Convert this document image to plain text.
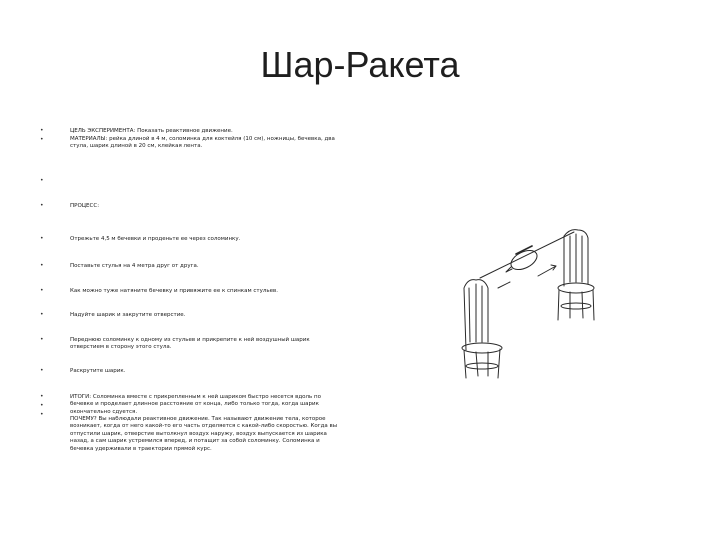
Шар-Ракета
•
•
ЦЕЛЬ ЭКСПЕРИМЕНТА: Показать реактивное движение.
МАТЕРИАЛЫ: рейка длиной в 4 м, соломинка для коктейля (10 см), ножницы, бечевка, два стула, шарик длиной в 20 см, клейкая лента.
•
•	ПРОЦЕСС:
•	Отрежьте 4,5 м бечевки и проденьте ее через соломинку.
•	Поставьте стулья на 4 метра друг от друга.
•	Как можно туже натяните бечевку и привяжите ее к спинкам стульев.
•	Надуйте шарик и закрутите отверстие.
•	Переднюю соломинку к одному из стульев и прикрепите к ней воздушный шарик отверстием в сторону этого стула.
•	Раскрутите шарик.
•
•
•
ИТОГИ: Соломинка вместе с прикрепленным к ней шариком быстро несется вдоль по бечевке и проделает длинное расстояние от конца, либо только тогда, когда шарик окончательно сдуется.
ПОЧЕМУ? Вы наблюдали реактивное движение. Так называют движение тела, которое возникает, когда от него какой-то его часть отделяется с какой-либо скоростью. Когда вы отпустили шарик, отверстие вытолкнул воздух наружу, воздух выпускается из шарика назад, а сам шарик устремился вперед, и потащит за собой соломинку. Соломинка и бечевка удерживали в траектории прямой курс.
